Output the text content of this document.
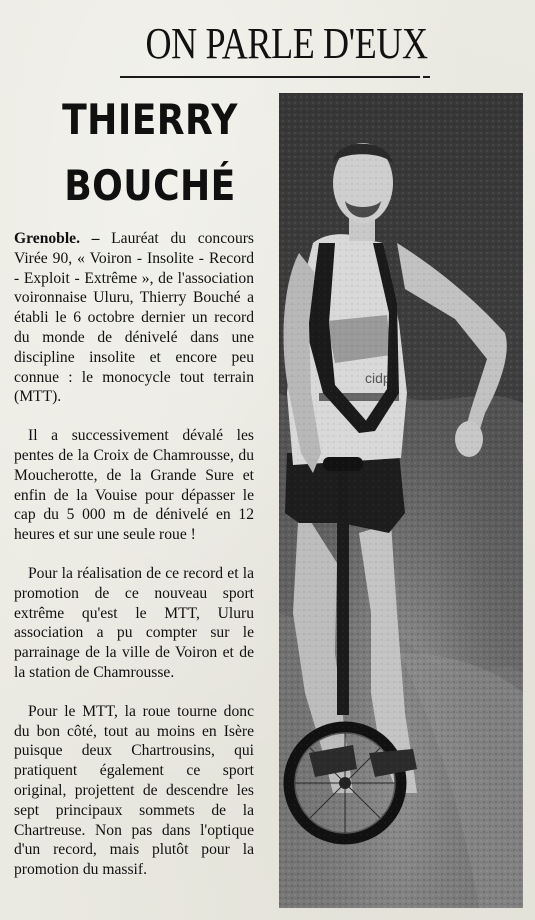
ON PARLE D'EUX
THIERRY
BOUCHÉ

Grenoble. – Lauréat du concours Virée 90, « Voiron - Insolite - Record - Exploit - Extrême », de l'association voironnaise Uluru, Thierry Bouché a établi le 6 octobre dernier un record du monde de dénivelé dans une discipline insolite et encore peu connue : le monocycle tout terrain (MTT).

Il a successivement dévalé les pentes de la Croix de Chamrousse, du Moucherotte, de la Grande Sure et enfin de la Vouise pour dépasser le cap du 5 000 m de dénivelé en 12 heures et sur une seule roue !

Pour la réalisation de ce record et la promotion de ce nouveau sport extrême qu'est le MTT, Uluru association a pu compter sur le parrainage de la ville de Voiron et de la station de Chamrousse.

Pour le MTT, la roue tourne donc du bon côté, tout au moins en Isère puisque deux Chartrousins, qui pratiquent également ce sport original, projettent de descendre les sept principaux sommets de la Chartreuse. Non pas dans l'optique d'un record, mais plutôt pour la promotion du massif.
